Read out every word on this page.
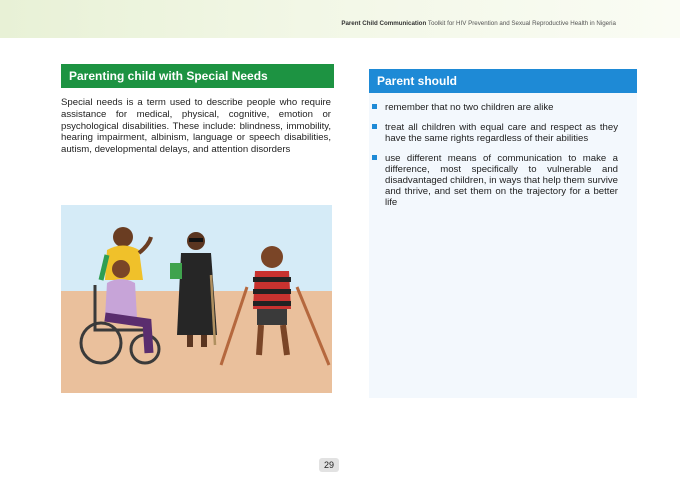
Parent Child Communication Toolkit for HIV Prevention and Sexual Reproductive Health in Nigeria
Parenting child with Special Needs

Special needs is a term used to describe people who require assistance for medical, physical, cognitive, emotion or psychological disabilities. These include: blindness, immobility, hearing impairment, albinism, language or speech disabilities, autism, developmental delays, and attention disorders

Parent should
remember that no two children are alike
treat all children with equal care and respect as they have the same rights regardless of their abilities
use different means of communication to make a difference, most specifically to vulnerable and disadvantaged children, in ways that help them survive and thrive, and set them on the trajectory for a better life
29
